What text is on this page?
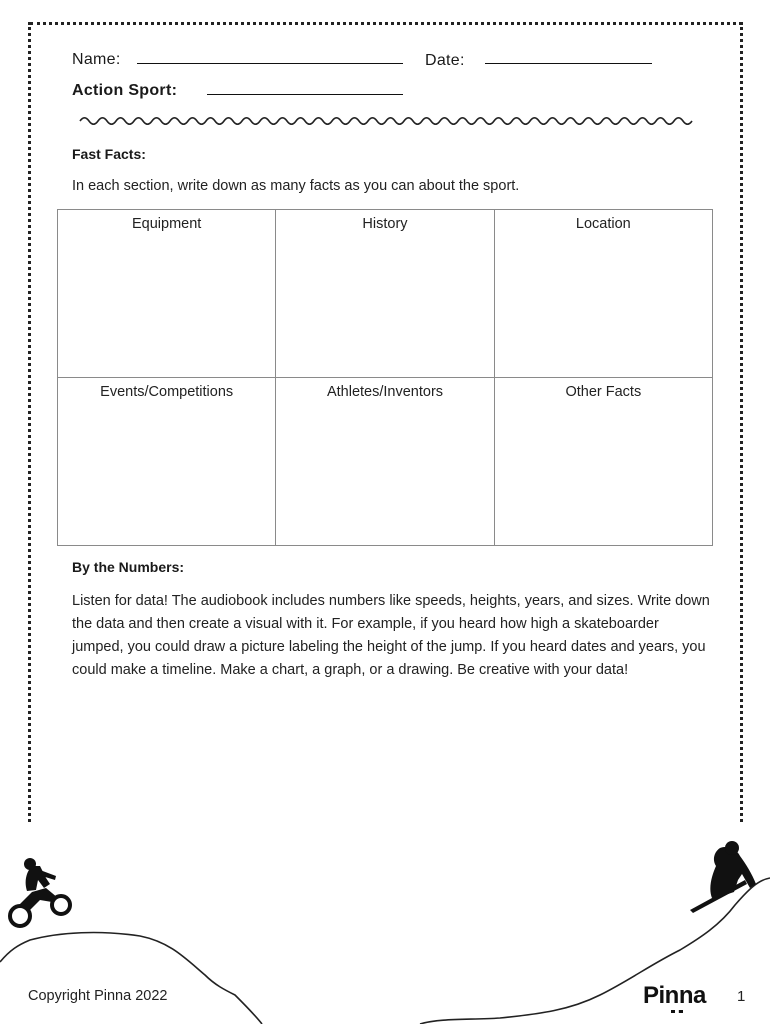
Name:	Date:
Action Sport:
Fast Facts:
In each section, write down as many facts as you can about the sport.
Equipment	History	Location
Events/Competitions	Athletes/Inventors	Other Facts
By the Numbers:
Listen for data! The audiobook includes numbers like speeds, heights, years, and sizes. Write down the data and then create a visual with it. For example, if you heard how high a skateboarder jumped, you could draw a picture labeling the height of the jump. If you heard dates and years, you could make a timeline. Make a chart, a graph, or a drawing. Be creative with your data!
Copyright Pinna 2022	Pinna 1
